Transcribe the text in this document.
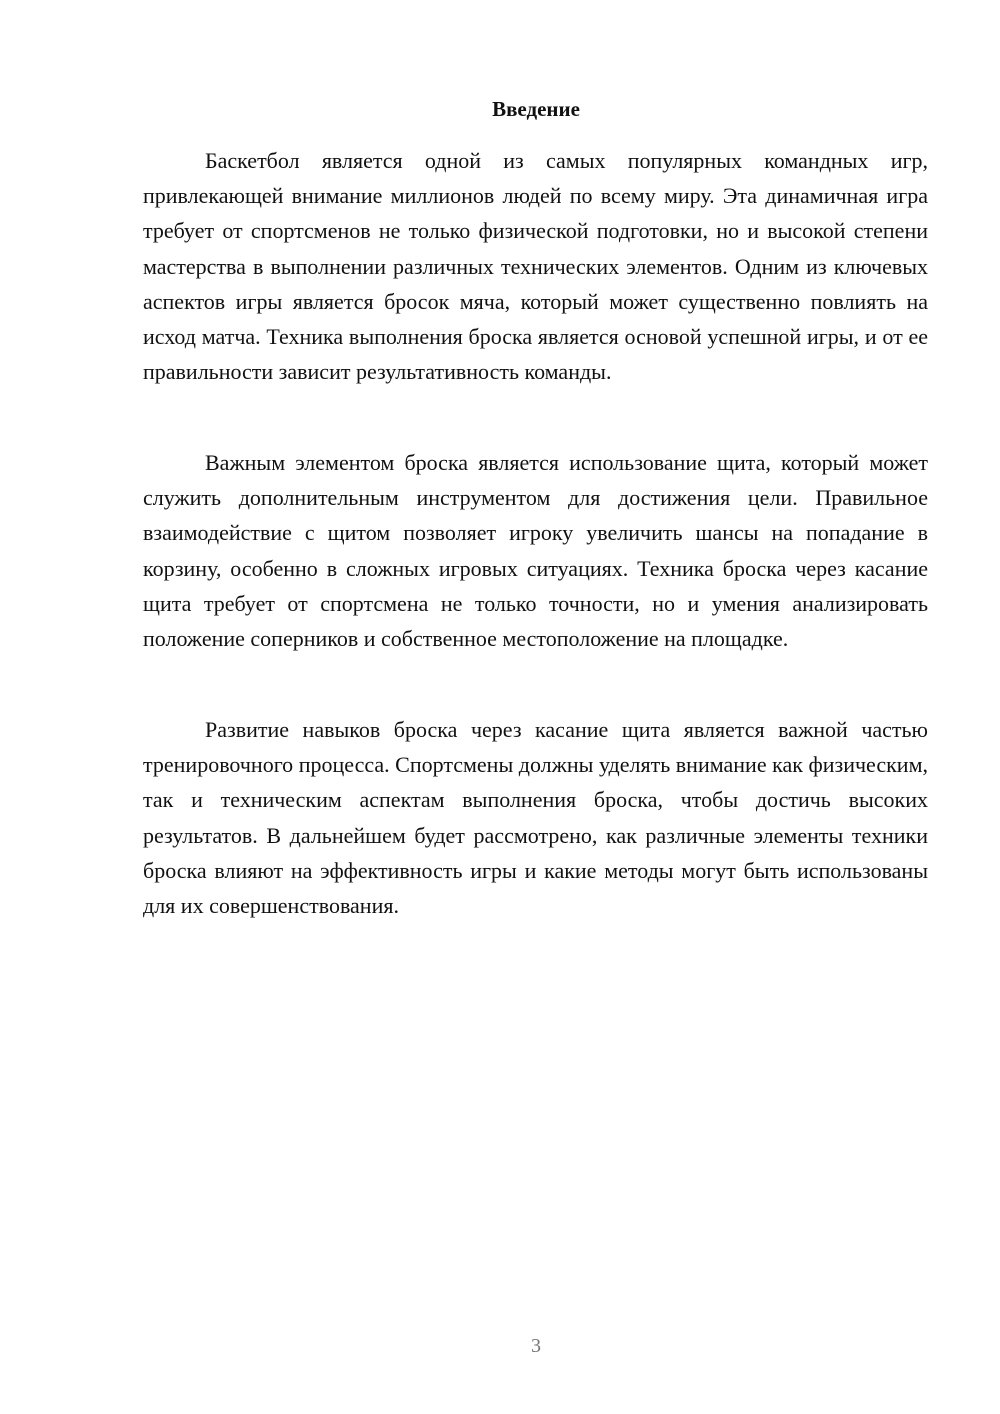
Введение

Баскетбол является одной из самых популярных командных игр, привлекающей внимание миллионов людей по всему миру. Эта динамичная игра требует от спортсменов не только физической подготовки, но и высокой степени мастерства в выполнении различных технических элементов. Одним из ключевых аспектов игры является бросок мяча, который может существенно повлиять на исход матча. Техника выполнения броска является основой успешной игры, и от ее правильности зависит результативность команды.

Важным элементом броска является использование щита, который может служить дополнительным инструментом для достижения цели. Правильное взаимодействие с щитом позволяет игроку увеличить шансы на попадание в корзину, особенно в сложных игровых ситуациях. Техника броска через касание щита требует от спортсмена не только точности, но и умения анализировать положение соперников и собственное местоположение на площадке.

Развитие навыков броска через касание щита является важной частью тренировочного процесса. Спортсмены должны уделять внимание как физическим, так и техническим аспектам выполнения броска, чтобы достичь высоких результатов. В дальнейшем будет рассмотрено, как различные элементы техники броска влияют на эффективность игры и какие методы могут быть использованы для их совершенствования.

3
